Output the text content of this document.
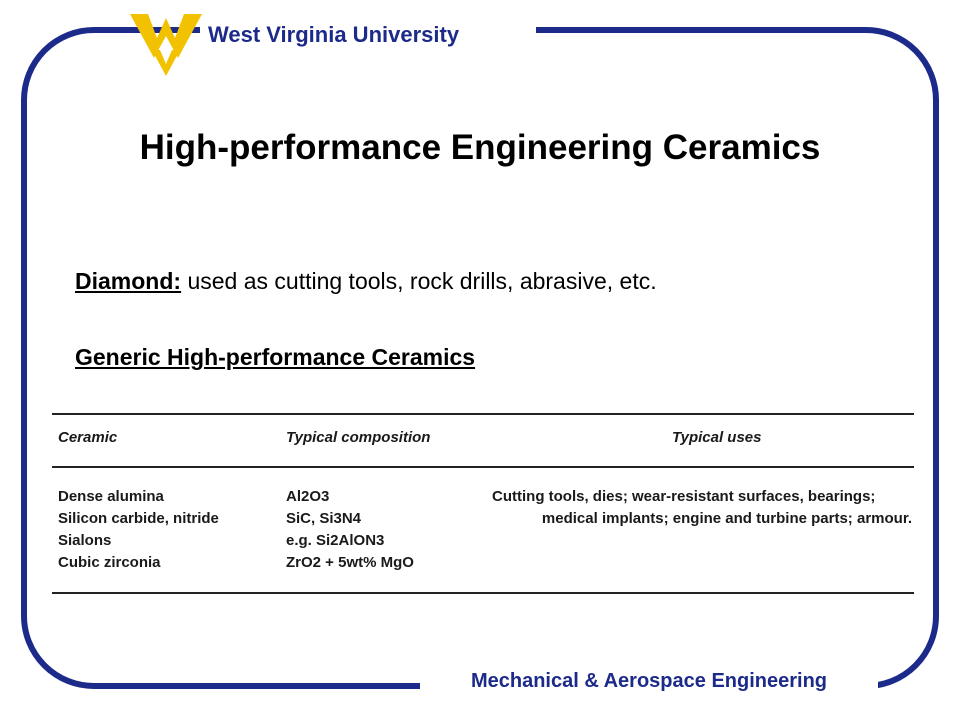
West Virginia University
Mechanical & Aerospace Engineering
High-performance Engineering Ceramics
Diamond: used as cutting tools, rock drills, abrasive, etc.
Generic High-performance Ceramics
Ceramic	Typical composition	Typical uses
Dense alumina
Silicon carbide, nitride
Sialons
Cubic zirconia
Al2O3
SiC, Si3N4
e.g. Si2AlON3
ZrO2 + 5wt% MgO
Cutting tools, dies; wear-resistant surfaces, bearings;
medical implants; engine and turbine parts; armour.
